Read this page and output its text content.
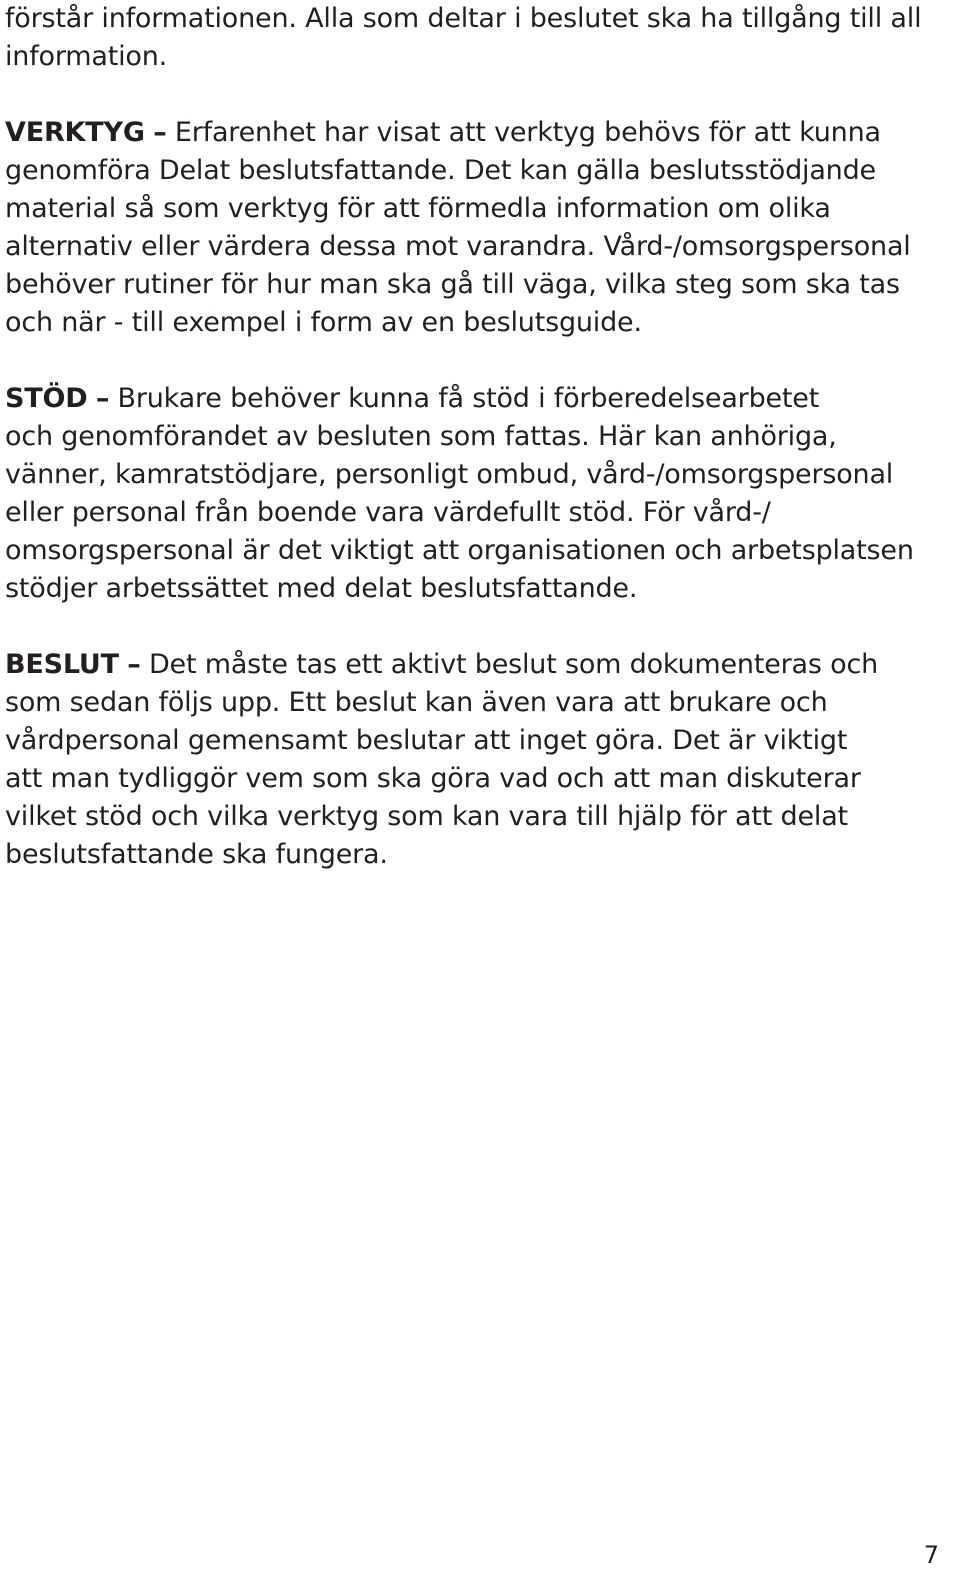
förstår informationen. Alla som deltar i beslutet ska ha tillgång till all
information.

VERKTYG – Erfarenhet har visat att verktyg behövs för att kunna
genomföra Delat beslutsfattande. Det kan gälla beslutsstödjande
material så som verktyg för att förmedla information om olika
alternativ eller värdera dessa mot varandra. Vård-/omsorgspersonal
behöver rutiner för hur man ska gå till väga, vilka steg som ska tas
och när - till exempel i form av en beslutsguide.

STÖD – Brukare behöver kunna få stöd i förberedelsearbetet
och genomförandet av besluten som fattas. Här kan anhöriga,
vänner, kamratstödjare, personligt ombud, vård-/omsorgspersonal
eller personal från boende vara värdefullt stöd. För vård-/
omsorgspersonal är det viktigt att organisationen och arbetsplatsen
stödjer arbetssättet med delat beslutsfattande.

BESLUT – Det måste tas ett aktivt beslut som dokumenteras och
som sedan följs upp. Ett beslut kan även vara att brukare och
vårdpersonal gemensamt beslutar att inget göra. Det är viktigt
att man tydliggör vem som ska göra vad och att man diskuterar
vilket stöd och vilka verktyg som kan vara till hjälp för att delat
beslutsfattande ska fungera.

7
